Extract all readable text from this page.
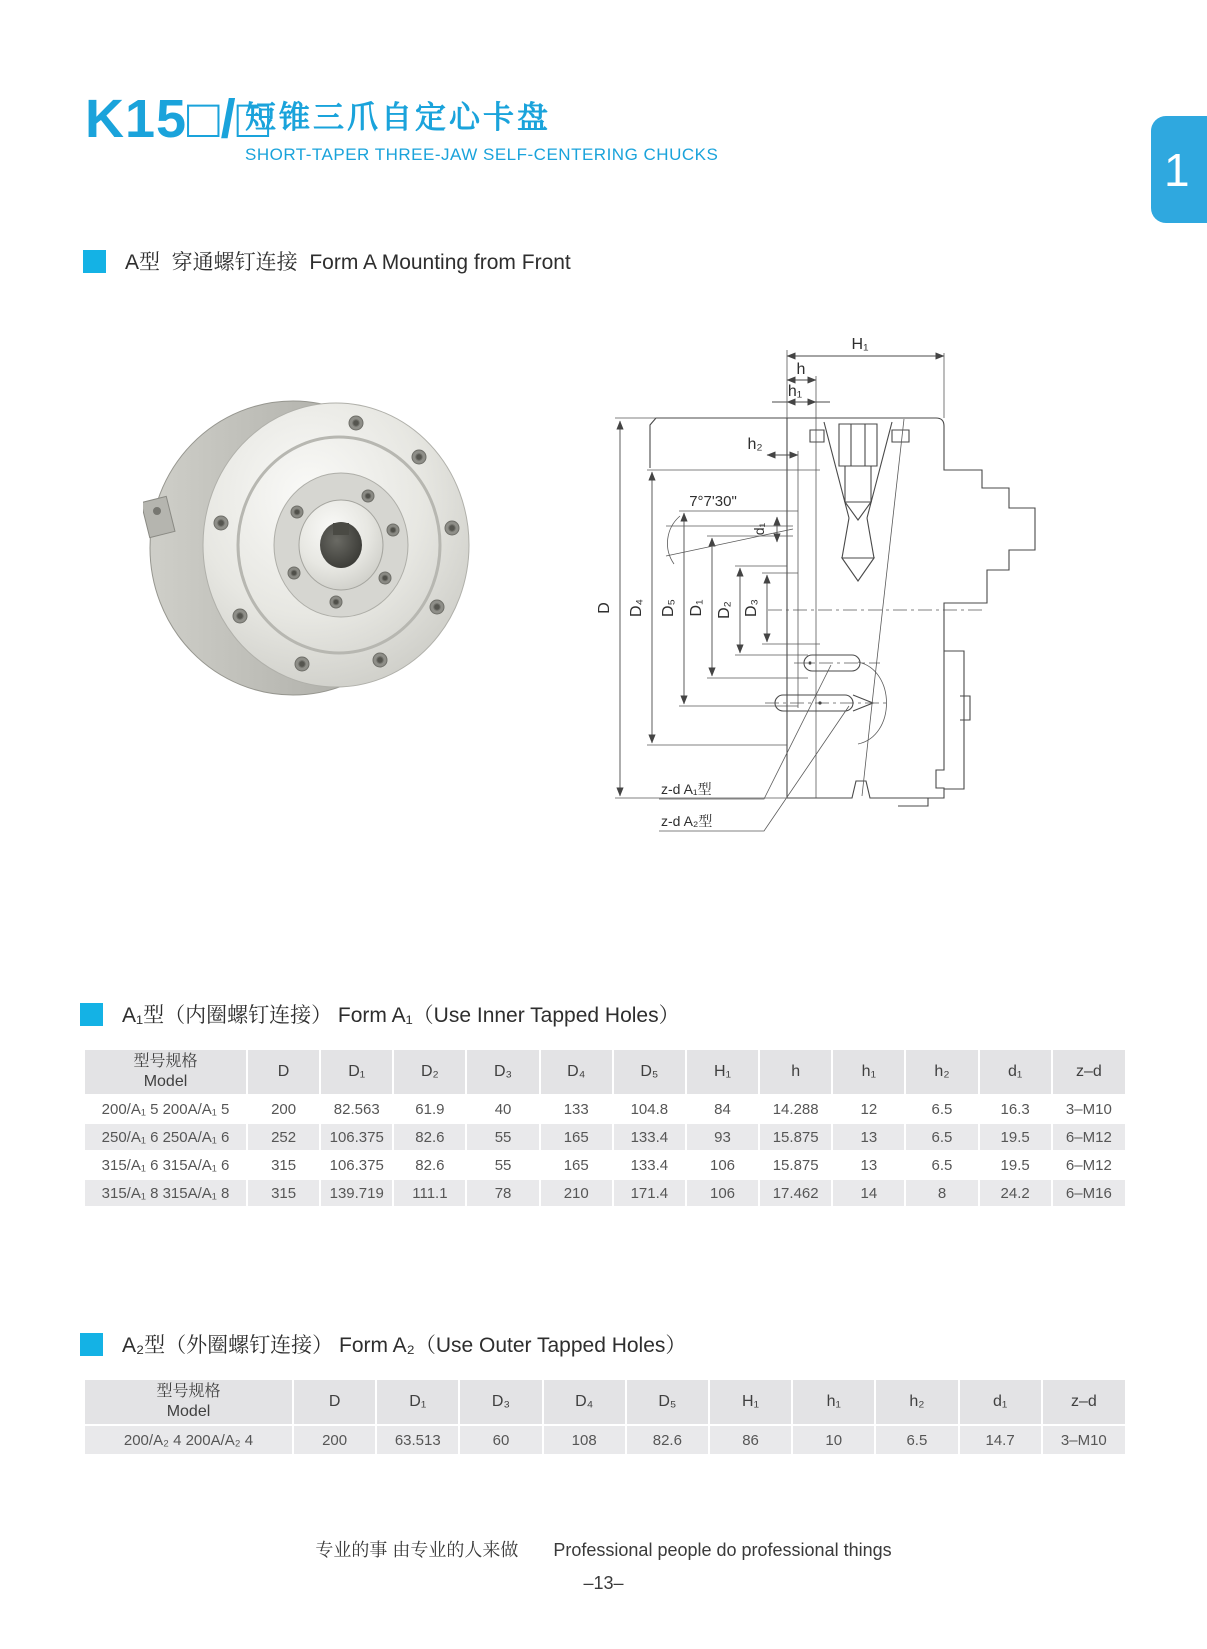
K15□/□
短锥三爪自定心卡盘
SHORT-TAPER THREE-JAW SELF-CENTERING CHUCKS	1
A型  穿通螺钉连接  Form A Mounting from Front
7°7'30"
d₁
H₁
h
h₁
h₂
D D₄ D₅ D₁ D₂ D₃
z-d A₁型
z-d A₂型
A₁型（内圈螺钉连接） Form A₁（Use Inner Tapped Holes）
型号规格
Model	D	D₁	D₂	D₃	D₄	D₅	H₁	h	h₁	h₂	d₁	z–d
200/A₁ 5 200A/A₁ 5	200	82.563	61.9	40	133	104.8	84	14.288	12	6.5	16.3	3–M10
250/A₁ 6 250A/A₁ 6	252	106.375	82.6	55	165	133.4	93	15.875	13	6.5	19.5	6–M12
315/A₁ 6 315A/A₁ 6	315	106.375	82.6	55	165	133.4	106	15.875	13	6.5	19.5	6–M12
315/A₁ 8 315A/A₁ 8	315	139.719	111.1	78	210	171.4	106	17.462	14	8	24.2	6–M16
A₂型（外圈螺钉连接） Form A₂（Use Outer Tapped Holes）
型号规格
Model	D	D₁	D₃	D₄	D₅	H₁	h₁	h₂	d₁	z–d
200/A₂ 4 200A/A₂ 4	200	63.513	60	108	82.6	86	10	6.5	14.7	3–M10
专业的事 由专业的人来做 Professional people do professional things
–13–
